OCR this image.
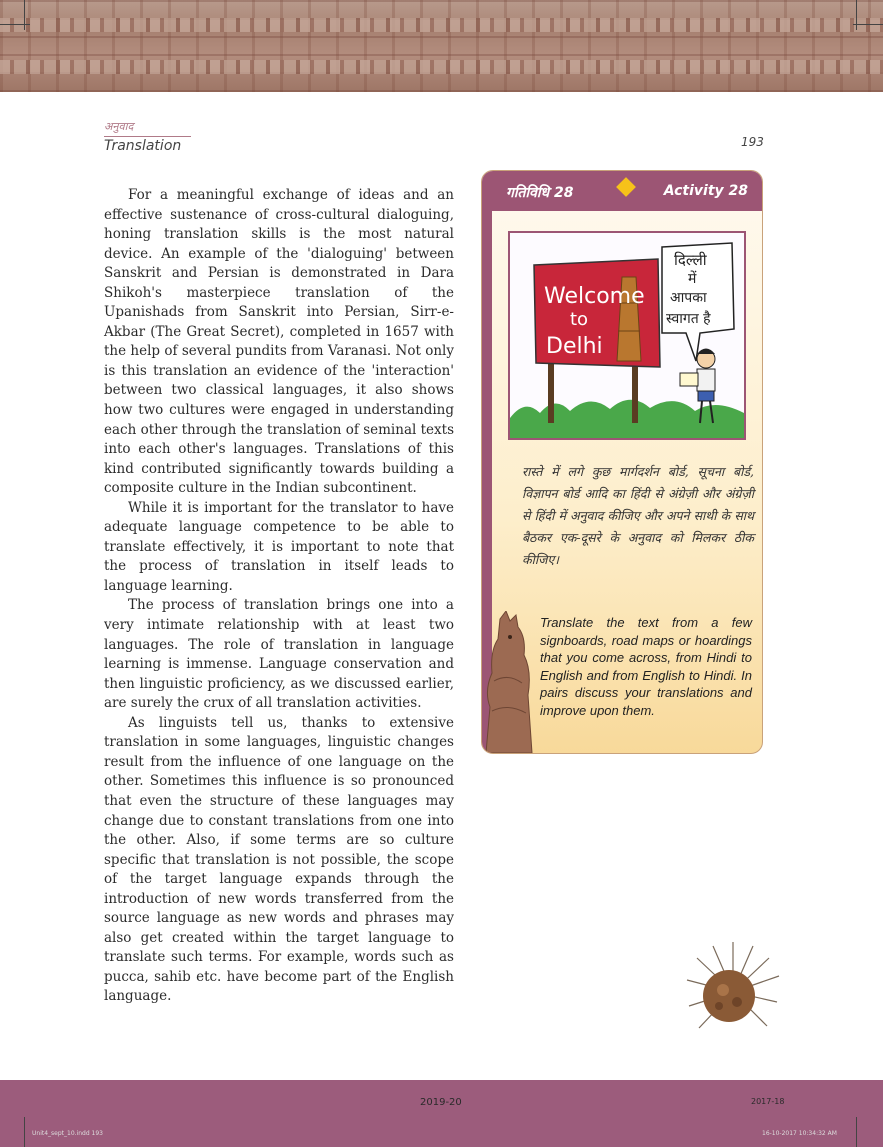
अनुवाद
Translation	193

For a meaningful exchange of ideas and an effective sustenance of cross-cultural dialoguing, honing translation skills is the most natural device. An example of the 'dialoguing' between Sanskrit and Persian is demonstrated in Dara Shikoh's masterpiece translation of the Upanishads from Sanskrit into Persian, Sirr-e-Akbar (The Great Secret), completed in 1657 with the help of several pundits from Varanasi. Not only is this translation an evidence of the 'interaction' between two classical languages, it also shows how two cultures were engaged in understanding each other through the translation of seminal texts into each other's languages. Translations of this kind contributed significantly towards building a composite culture in the Indian subcontinent.

While it is important for the translator to have adequate language competence to be able to translate effectively, it is important to note that the process of translation in itself leads to language learning.

The process of translation brings one into a very intimate relationship with at least two languages. The role of translation in language learning is immense. Language conservation and then linguistic proficiency, as we discussed earlier, are surely the crux of all translation activities.

As linguists tell us, thanks to extensive translation in some languages, linguistic changes result from the influence of one language on the other. Sometimes this influence is so pronounced that even the structure of these languages may change due to constant translations from one into the other. Also, if some terms are so culture specific that translation is not possible, the scope of the target language expands through the introduction of new words transferred from the source language as new words and phrases may also get created within the target language to translate such terms. For example, words such as pucca, sahib etc. have become part of the English language.

गतिविधि 28	Activity 28
Welcome
to
Delhi
दिल्ली
में
आपका
स्वागत है
रास्ते में लगे कुछ मार्गदर्शन बोर्ड, सूचना बोर्ड, विज्ञापन बोर्ड आदि का हिंदी से अंग्रेज़ी और अंग्रेज़ी से हिंदी में अनुवाद कीजिए और अपने साथी के साथ बैठकर एक-दूसरे के अनुवाद को मिलकर ठीक कीजिए।
Translate the text from a few signboards, road maps or hoardings that you come across, from Hindi to English and from English to Hindi. In pairs discuss your translations and improve upon them.
2019-20	2017-18
Unit4_sept_10.indd 193	16-10-2017 10:34:32 AM
